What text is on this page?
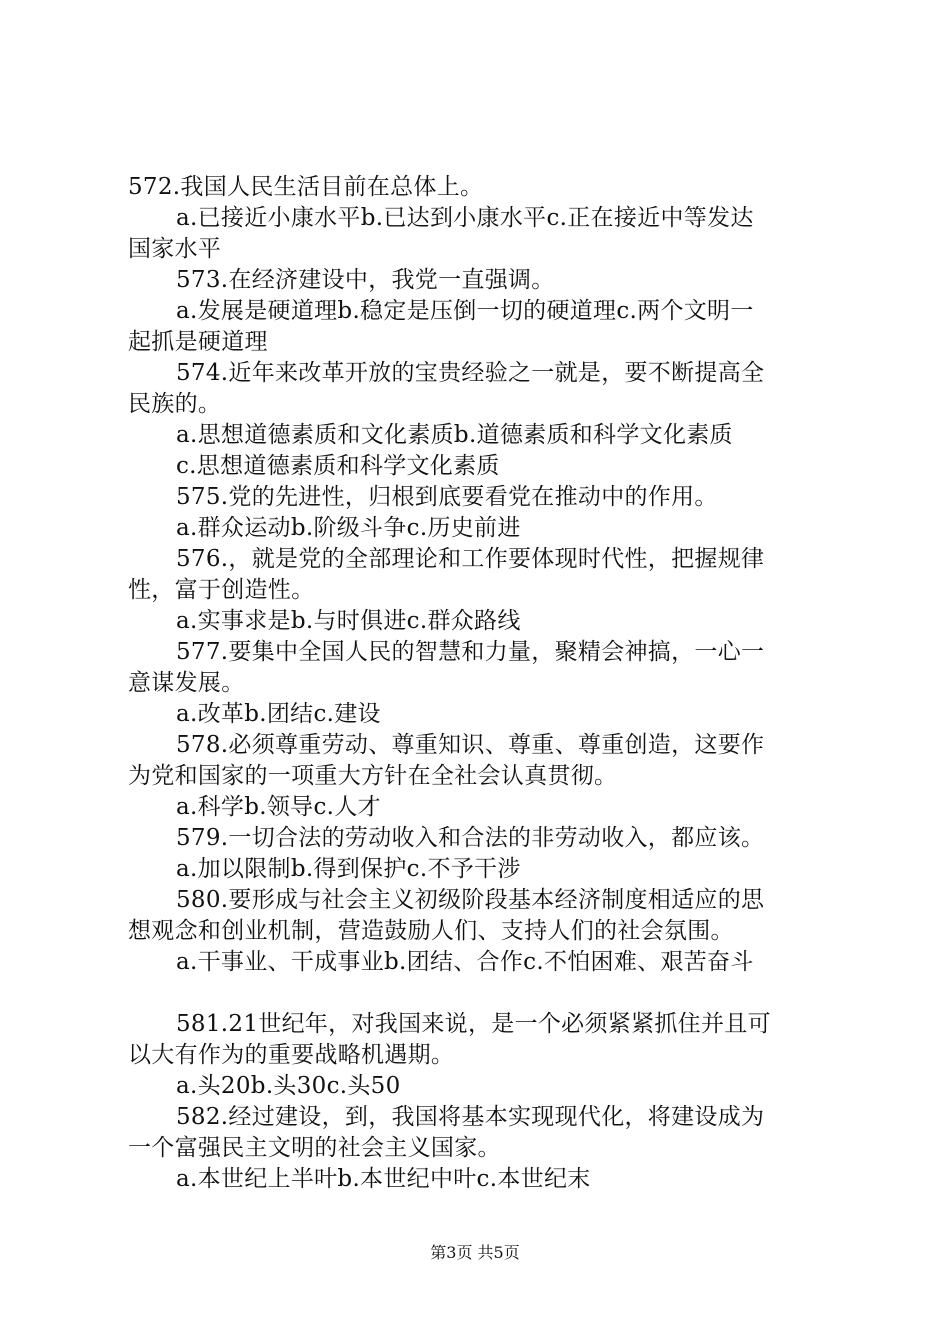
572.我国人民生活目前在总体上。
a.已接近小康水平b.已达到小康水平c.正在接近中等发达
国家水平
573.在经济建设中，我党一直强调。
a.发展是硬道理b.稳定是压倒一切的硬道理c.两个文明一
起抓是硬道理
574.近年来改革开放的宝贵经验之一就是，要不断提高全
民族的。
a.思想道德素质和文化素质b.道德素质和科学文化素质
c.思想道德素质和科学文化素质
575.党的先进性，归根到底要看党在推动中的作用。
a.群众运动b.阶级斗争c.历史前进
576.，就是党的全部理论和工作要体现时代性，把握规律
性，富于创造性。
a.实事求是b.与时俱进c.群众路线
577.要集中全国人民的智慧和力量，聚精会神搞，一心一
意谋发展。
a.改革b.团结c.建设
578.必须尊重劳动、尊重知识、尊重、尊重创造，这要作
为党和国家的一项重大方针在全社会认真贯彻。
a.科学b.领导c.人才
579.一切合法的劳动收入和合法的非劳动收入，都应该。
a.加以限制b.得到保护c.不予干涉
580.要形成与社会主义初级阶段基本经济制度相适应的思
想观念和创业机制，营造鼓励人们、支持人们的社会氛围。
a.干事业、干成事业b.团结、合作c.不怕困难、艰苦奋斗
581.21世纪年，对我国来说，是一个必须紧紧抓住并且可
以大有作为的重要战略机遇期。
a.头20b.头30c.头50
582.经过建设，到，我国将基本实现现代化，将建设成为
一个富强民主文明的社会主义国家。
a.本世纪上半叶b.本世纪中叶c.本世纪末
第3页 共5页
